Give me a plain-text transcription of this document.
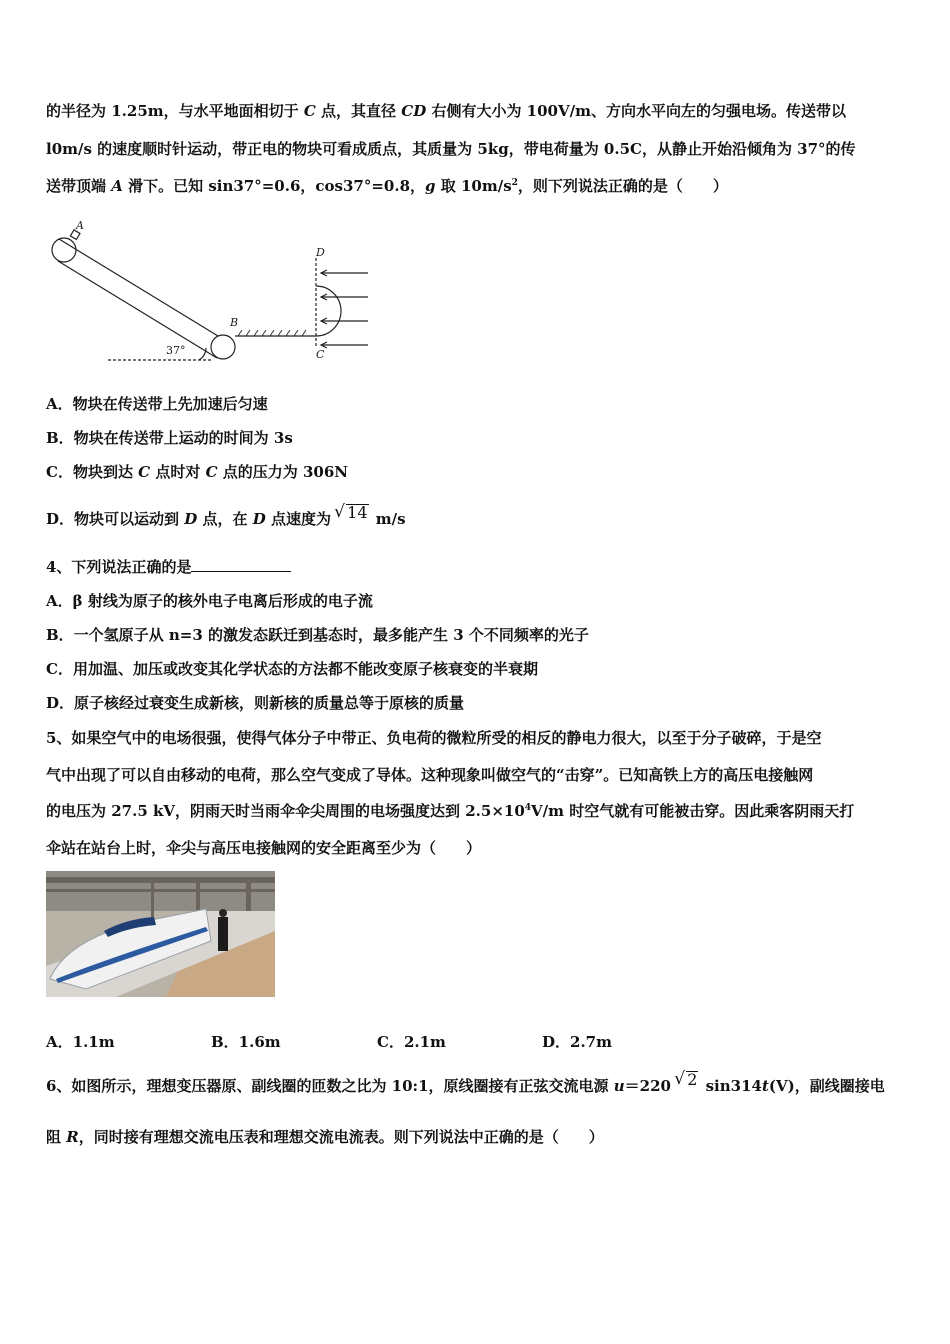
的半径为 1.25m，与水平地面相切于 C 点，其直径 CD 右侧有大小为 100V/m、方向水平向左的匀强电场。传送带以
l0m/s 的速度顺时针运动，带正电的物块可看成质点，其质量为 5kg，带电荷量为 0.5C，从静止开始沿倾角为 37°的传
送带顶端 A 滑下。已知 sin37°=0.6，cos37°=0.8，g 取 $10m/s^2$，则下列说法正确的是（　　）
A
B
C
D
37°
A．物块在传送带上先加速后匀速
B．物块在传送带上运动的时间为 3s
C．物块到达 C 点时对 C 点的压力为 306N
D．物块可以运动到 D 点，在 D 点速度为 √ 14 m/s
4、下列说法正确的是
A．β 射线为原子的核外电子电离后形成的电子流
B．一个氢原子从 n=3 的激发态跃迁到基态时，最多能产生 3 个不同频率的光子
C．用加温、加压或改变其化学状态的方法都不能改变原子核衰变的半衰期
D．原子核经过衰变生成新核，则新核的质量总等于原核的质量
5、如果空气中的电场很强，使得气体分子中带正、负电荷的微粒所受的相反的静电力很大，以至于分子破碎，于是空
气中出现了可以自由移动的电荷，那么空气变成了导体。这种现象叫做空气的“击穿”。已知高铁上方的高压电接触网
的电压为 27.5 kV，阴雨天时当雨伞伞尖周围的电场强度达到 $2.5\times 10^4V/m$ 时空气就有可能被击穿。因此乘客阴雨天打
伞站在站台上时，伞尖与高压电接触网的安全距离至少为（　　）
A．1.1m	B．1.6m	C．2.1m	D．2.7m
6、如图所示，理想变压器原、副线圈的匝数之比为 10:1，原线圈接有正弦交流电源 u＝220 √ 2 sin314t(V)，副线圈接电
阻 R，同时接有理想交流电压表和理想交流电流表。则下列说法中正确的是（　　）
